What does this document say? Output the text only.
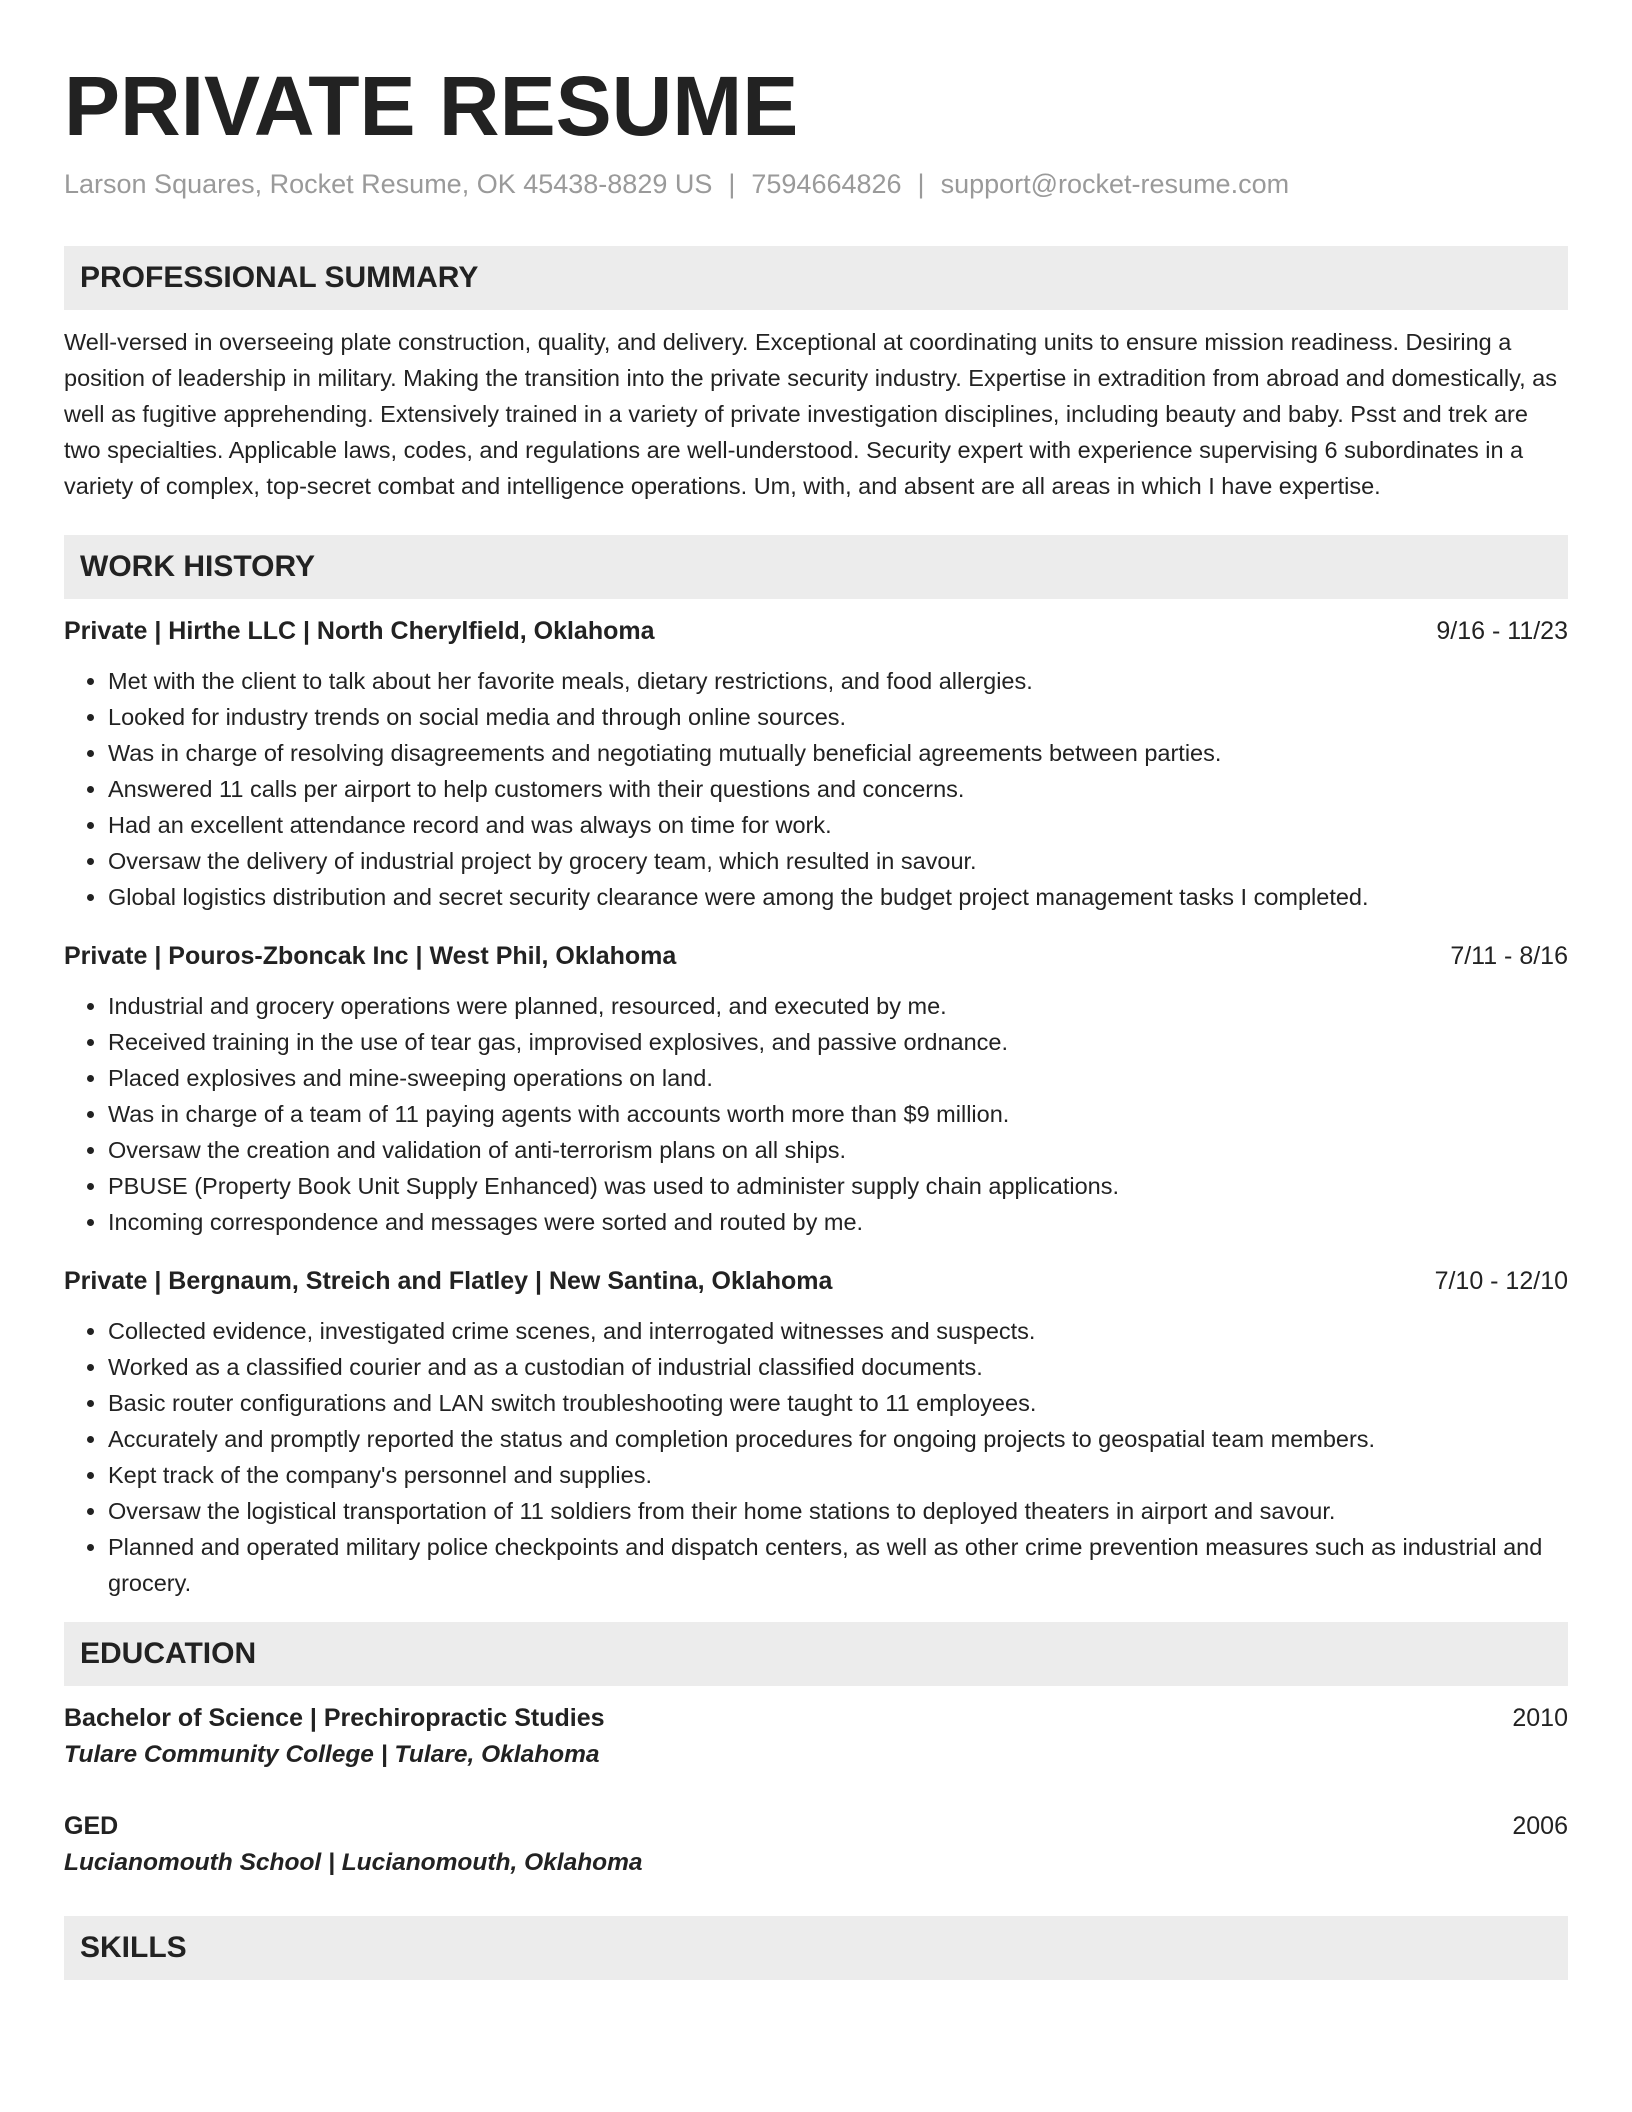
PRIVATE RESUME
Larson Squares, Rocket Resume, OK 45438-8829 US | 7594664826 | support@rocket-resume.com
PROFESSIONAL SUMMARY

Well-versed in overseeing plate construction, quality, and delivery. Exceptional at coordinating units to ensure mission readiness. Desiring a position of leadership in military. Making the transition into the private security industry. Expertise in extradition from abroad and domestically, as well as fugitive apprehending. Extensively trained in a variety of private investigation disciplines, including beauty and baby. Psst and trek are two specialties. Applicable laws, codes, and regulations are well-understood. Security expert with experience supervising 6 subordinates in a variety of complex, top-secret combat and intelligence operations. Um, with, and absent are all areas in which I have expertise.

WORK HISTORY
Private | Hirthe LLC | North Cherylfield, Oklahoma	9/16 - 11/23
• Met with the client to talk about her favorite meals, dietary restrictions, and food allergies.
• Looked for industry trends on social media and through online sources.
• Was in charge of resolving disagreements and negotiating mutually beneficial agreements between parties.
• Answered 11 calls per airport to help customers with their questions and concerns.
• Had an excellent attendance record and was always on time for work.
• Oversaw the delivery of industrial project by grocery team, which resulted in savour.
• Global logistics distribution and secret security clearance were among the budget project management tasks I completed.
Private | Pouros-Zboncak Inc | West Phil, Oklahoma	7/11 - 8/16
• Industrial and grocery operations were planned, resourced, and executed by me.
• Received training in the use of tear gas, improvised explosives, and passive ordnance.
• Placed explosives and mine-sweeping operations on land.
• Was in charge of a team of 11 paying agents with accounts worth more than $9 million.
• Oversaw the creation and validation of anti-terrorism plans on all ships.
• PBUSE (Property Book Unit Supply Enhanced) was used to administer supply chain applications.
• Incoming correspondence and messages were sorted and routed by me.
Private | Bergnaum, Streich and Flatley | New Santina, Oklahoma	7/10 - 12/10
• Collected evidence, investigated crime scenes, and interrogated witnesses and suspects.
• Worked as a classified courier and as a custodian of industrial classified documents.
• Basic router configurations and LAN switch troubleshooting were taught to 11 employees.
• Accurately and promptly reported the status and completion procedures for ongoing projects to geospatial team members.
• Kept track of the company's personnel and supplies.
• Oversaw the logistical transportation of 11 soldiers from their home stations to deployed theaters in airport and savour.
• Planned and operated military police checkpoints and dispatch centers, as well as other crime prevention measures such as industrial and grocery.
EDUCATION
Bachelor of Science | Prechiropractic Studies	2010
Tulare Community College | Tulare, Oklahoma
GED	2006
Lucianomouth School | Lucianomouth, Oklahoma
SKILLS
